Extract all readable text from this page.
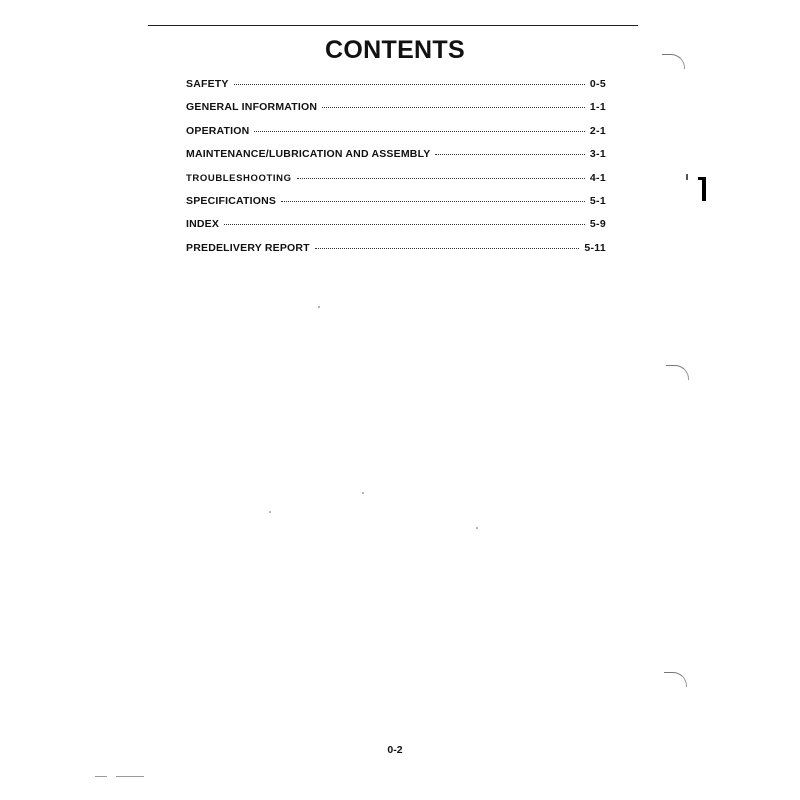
CONTENTS
SAFETY	0-5
GENERAL INFORMATION	1-1
OPERATION	2-1
MAINTENANCE/LUBRICATION AND ASSEMBLY	3-1
TROUBLESHOOTING	4-1
SPECIFICATIONS	5-1
INDEX	5-9
PREDELIVERY REPORT	5-11
0-2
